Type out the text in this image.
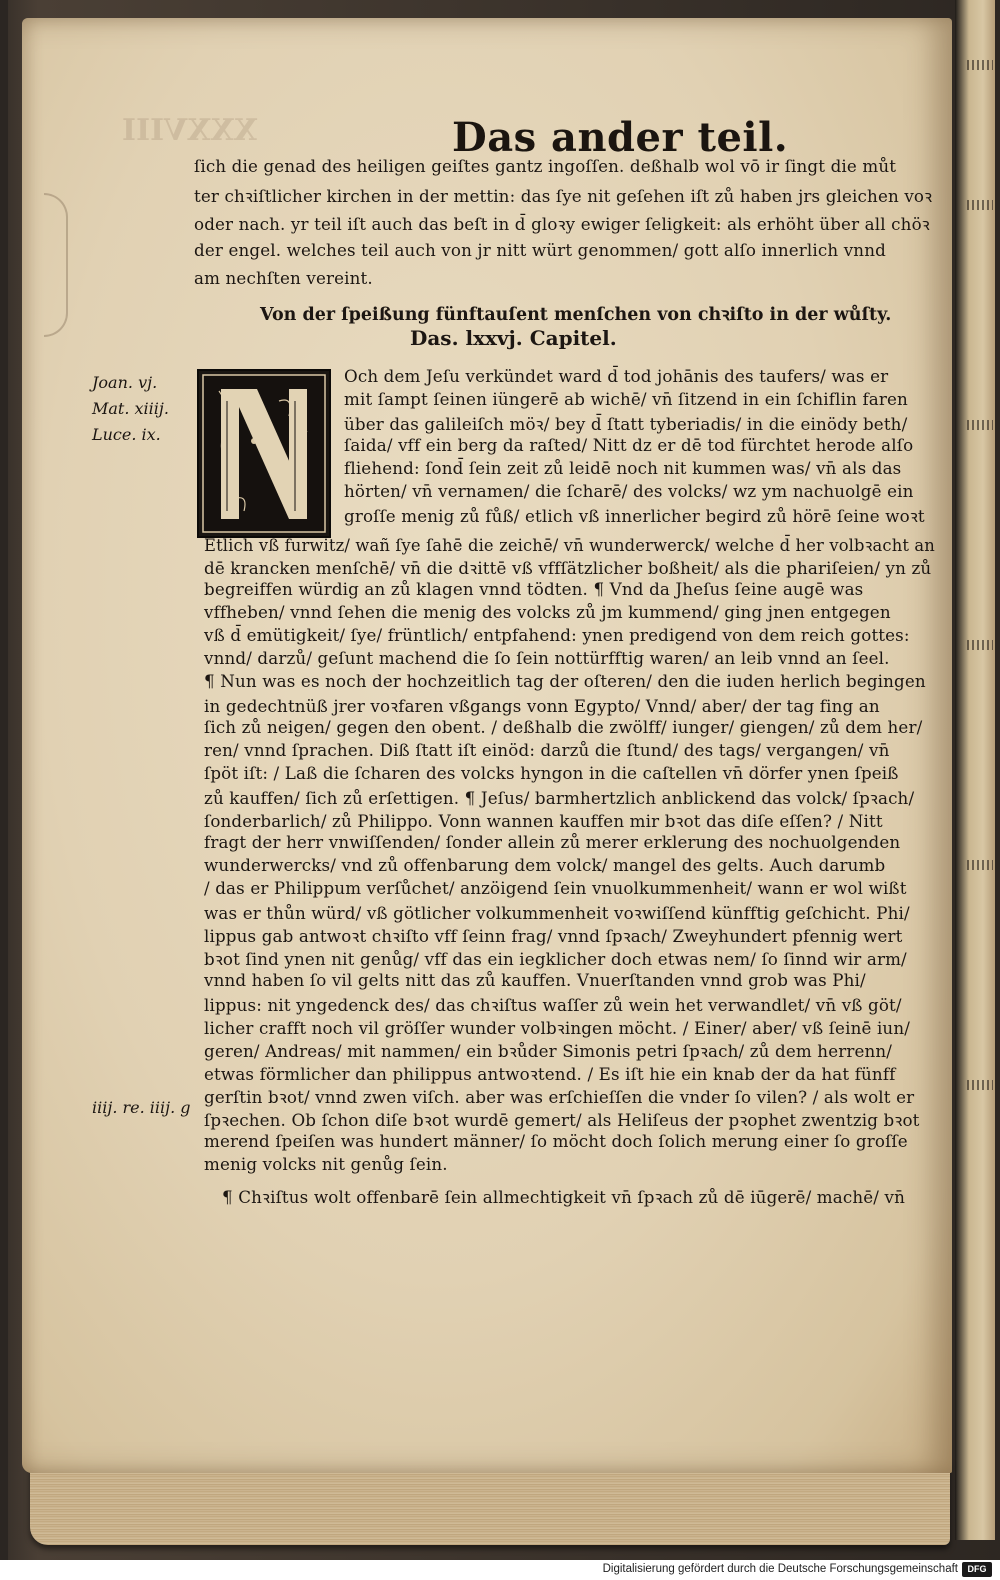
XXXVIII	Das ander teil.
ſich die genad des heiligen geiſtes gantz ingoſſen. deßhalb wol vō ir ſingt die můt
ter chꝛiſtlicher kirchen in der mettin: das ſye nit geſehen iſt zů haben jrs gleichen voꝛ
oder nach. yr teil iſt auch das beſt in d̄ gloꝛy ewiger ſeligkeit: als erhöht über all chöꝛ
der engel. welches teil auch von jr nitt würt genommen/ gott alſo innerlich vnnd
am nechſten vereint.
Von der ſpeißung fünftauſent menſchen von chꝛiſto in der wůſty.
Das. lxxvj. Capitel.
Joan. vj.
Mat. xiiij.
Luce. ix.
iiij. re. iiij. g
Och dem Jeſu verkündet ward d̄ tod johānis des taufers/ was er
mit ſampt ſeinen iüngerē ab wichē/ vn̄ ſitzend in ein ſchiflin faren
über das galileiſch möꝛ/ bey d̄ ſtatt tyberiadis/ in die einödy beth/
ſaida/ vff ein berg da raſted/ Nitt dz er dē tod fürchtet herode alſo
fliehend: ſond̄ ſein zeit zů leidē noch nit kummen was/ vn̄ als das
hörten/ vn̄ vernamen/ die ſcharē/ des volcks/ wz ym nachuolgē ein
groſſe menig zů fůß/ etlich vß innerlicher begird zů hörē ſeine woꝛt
Etlich vß furwitz/ wañ ſye ſahē die zeichē/ vn̄ wunderwerck/ welche d̄ her volbꝛacht an
dē krancken menſchē/ vn̄ die dꝛittē vß vffſätzlicher boßheit/ als die phariſeien/ yn zů
begreiffen würdig an zů klagen vnnd tödten. ¶ Vnd da Jheſus ſeine augē was
vffheben/ vnnd ſehen die menig des volcks zů jm kummend/ ging jnen entgegen
vß d̄ emütigkeit/ ſye/ früntlich/ entpfahend: ynen predigend von dem reich gottes:
vnnd/ darzů/ geſunt machend die ſo ſein nottürfftig waren/ an leib vnnd an ſeel.
¶ Nun was es noch der hochzeitlich tag der oſteren/ den die iuden herlich begingen
in gedechtnüß jrer voꝛfaren vßgangs vonn Egypto/ Vnnd/ aber/ der tag fing an
ſich zů neigen/ gegen den obent. / deßhalb die zwölff/ iunger/ giengen/ zů dem her/
ren/ vnnd ſprachen. Diß ſtatt iſt einöd: darzů die ſtund/ des tags/ vergangen/ vn̄
ſpöt iſt: / Laß die ſcharen des volcks hyngon in die caſtellen vn̄ dörfer ynen ſpeiß
zů kauffen/ ſich zů erſettigen. ¶ Jeſus/ barmhertzlich anblickend das volck/ ſpꝛach/
ſonderbarlich/ zů Philippo. Vonn wannen kauffen mir bꝛot das diſe eſſen? / Nitt
fragt der herr vnwiſſenden/ ſonder allein zů merer erklerung des nochuolgenden
wunderwercks/ vnd zů offenbarung dem volck/ mangel des gelts. Auch darumb
/ das er Philippum verſůchet/ anzöigend ſein vnuolkummenheit/ wann er wol wißt
was er thůn würd/ vß götlicher volkummenheit voꝛwiſſend künfftig geſchicht. Phi/
lippus gab antwoꝛt chꝛiſto vff ſeinn frag/ vnnd ſpꝛach/ Zweyhundert pfennig wert
bꝛot ſind ynen nit genůg/ vff das ein iegklicher doch etwas nem/ ſo ſinnd wir arm/
vnnd haben ſo vil gelts nitt das zů kauffen. Vnuerſtanden vnnd grob was Phi/
lippus: nit yngedenck des/ das chꝛiſtus waſſer zů wein het verwandlet/ vn̄ vß göt/
licher crafft noch vil gröſſer wunder volbꝛingen möcht. / Einer/ aber/ vß ſeinē iun/
geren/ Andreas/ mit nammen/ ein bꝛůder Simonis petri ſpꝛach/ zů dem herrenn/
etwas förmlicher dan philippus antwoꝛtend. / Es iſt hie ein knab der da hat fünff
gerſtin bꝛot/ vnnd zwen viſch. aber was erſchieſſen die vnder ſo vilen? / als wolt er
ſpꝛechen. Ob ſchon diſe bꝛot wurdē gemert/ als Heliſeus der pꝛophet zwentzig bꝛot
merend ſpeiſen was hundert männer/ ſo möcht doch ſolich merung einer ſo groſſe
menig volcks nit genůg ſein.
¶ Chꝛiſtus wolt offenbarē ſein allmechtigkeit vn̄ ſpꝛach zů dē iūgerē/ machē/ vn̄
Digitalisierung gefördert durch die Deutsche Forschungsgemeinschaft	DFG
